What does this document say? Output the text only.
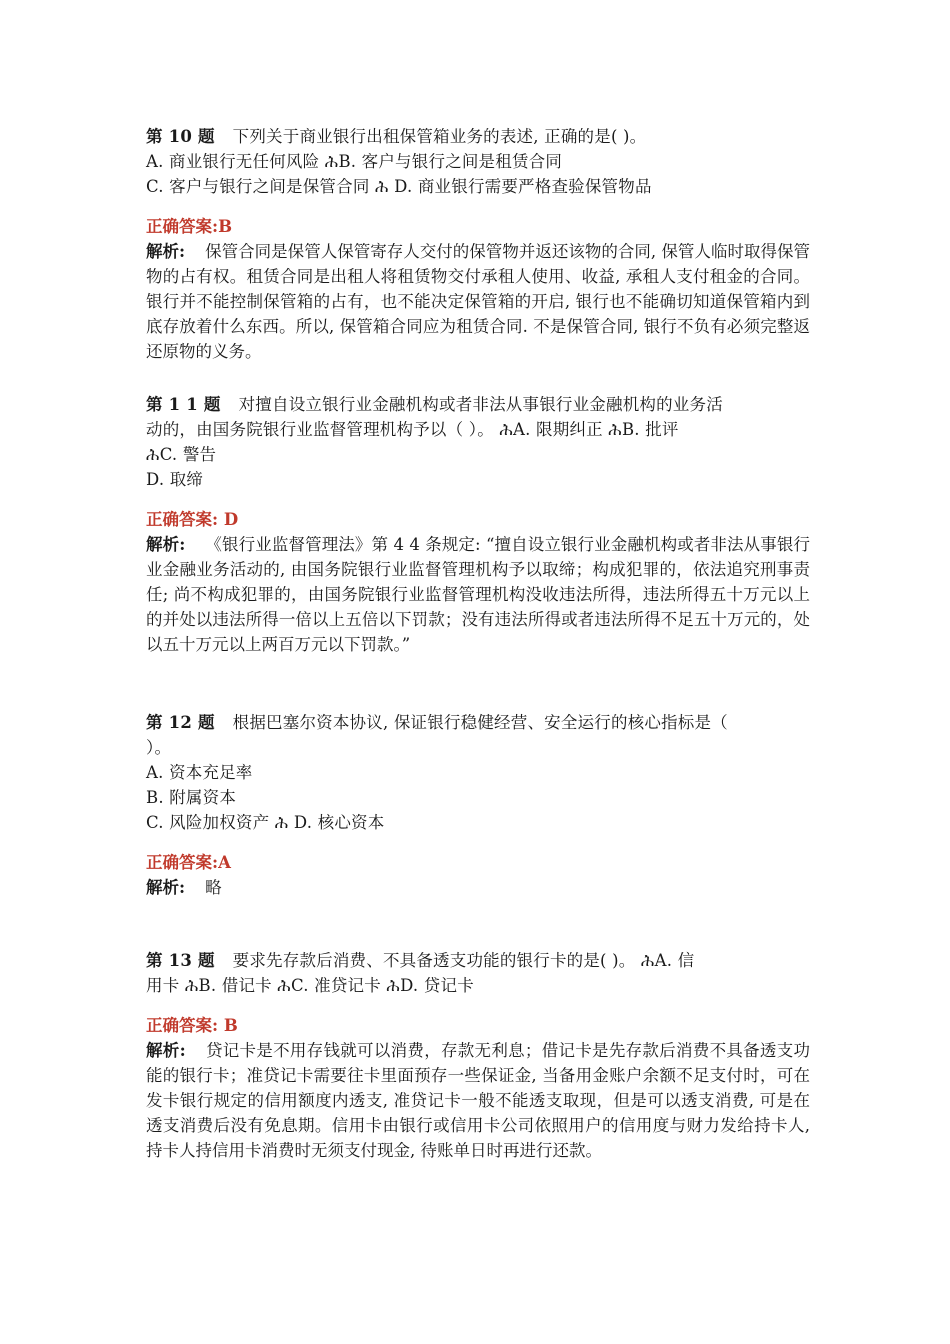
第 10 题 下列关于商业银行出租保管箱业务的表述, 正确的是( )。
A. 商业银行无任何风险 ሕB. 客户与银行之间是租赁合同
C. 客户与银行之间是保管合同 ሕ D. 商业银行需要严格查验保管物品
正确答案:B
解析: 保管合同是保管人保管寄存人交付的保管物并返还该物的合同, 保管人临时取得保管物的占有权。租赁合同是出租人将租赁物交付承租人使用、收益, 承租人支付租金的合同。银行并不能控制保管箱的占有，也不能决定保管箱的开启, 银行也不能确切知道保管箱内到底存放着什么东西。所以, 保管箱合同应为租赁合同. 不是保管合同, 银行不负有必须完整返还原物的义务。
第 1 1 题 对擅自设立银行业金融机构或者非法从事银行业金融机构的业务活
动的，由国务院银行业监督管理机构予以（ ）。 ሕA. 限期纠正 ሕB. 批评
ሕC. 警告
D. 取缔
正确答案: D
解析: 《银行业监督管理法》第 4 4 条规定: “擅自设立银行业金融机构或者非法从事银行业金融业务活动的, 由国务院银行业监督管理机构予以取缔；构成犯罪的，依法追究刑事责任; 尚不构成犯罪的，由国务院银行业监督管理机构没收违法所得，违法所得五十万元以上的并处以违法所得一倍以上五倍以下罚款；没有违法所得或者违法所得不足五十万元的，处以五十万元以上两百万元以下罚款。”
第 12 题 根据巴塞尔资本协议, 保证银行稳健经营、安全运行的核心指标是（
）。
A. 资本充足率
B. 附属资本
C. 风险加权资产 ሕ D. 核心资本
正确答案:A
解析: 略
第 13 题 要求先存款后消费、不具备透支功能的银行卡的是( )。 ሕA. 信
用卡 ሕB. 借记卡 ሕC. 准贷记卡 ሕD. 贷记卡
正确答案: B
解析: 贷记卡是不用存钱就可以消费，存款无利息；借记卡是先存款后消费不具备透支功能的银行卡；准贷记卡需要往卡里面预存一些保证金, 当备用金账户余额不足支付时，可在发卡银行规定的信用额度内透支, 准贷记卡一般不能透支取现，但是可以透支消费, 可是在透支消费后没有免息期。信用卡由银行或信用卡公司依照用户的信用度与财力发给持卡人, 持卡人持信用卡消费时无须支付现金, 待账单日时再进行还款。
